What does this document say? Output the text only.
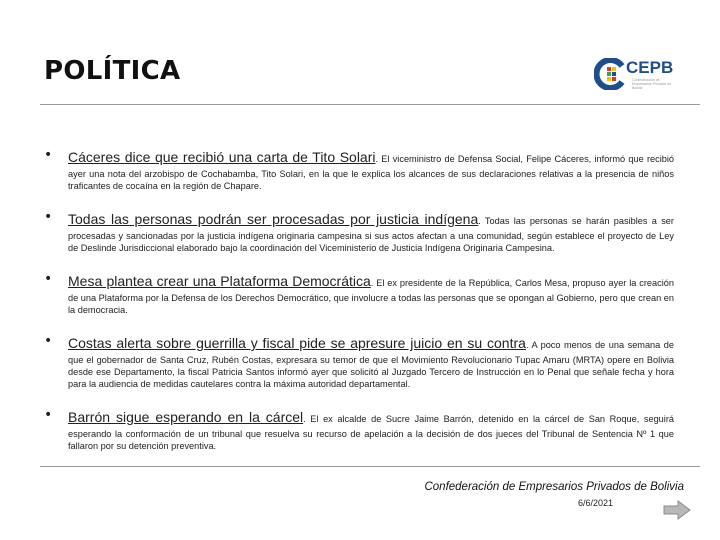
POLÍTICA	CEPB
Confederación de Empresarios Privados de Bolivia
• Cáceres dice que recibió una carta de Tito Solari. El viceministro de Defensa Social, Felipe Cáceres, informó que recibió ayer una nota del arzobispo de Cochabamba, Tito Solari, en la que le explica los alcances de sus declaraciones relativas a la presencia de niños traficantes de cocaína en la región de Chapare.

• Todas las personas podrán ser procesadas por justicia indígena. Todas las personas se harán pasibles a ser procesadas y sancionadas por la justicia indígena originaria campesina si sus actos afectan a una comunidad, según establece el proyecto de Ley de Deslinde Jurisdiccional elaborado bajo la coordinación del Viceministerio de Justicia Indígena Originaria Campesina.

• Mesa plantea crear una Plataforma Democrática. El ex presidente de la República, Carlos Mesa, propuso ayer la creación de una Plataforma por la Defensa de los Derechos Democrático, que involucre a todas las personas que se opongan al Gobierno, pero que crean en la democracia.

• Costas alerta sobre guerrilla y fiscal pide se apresure juicio en su contra. A poco menos de una semana de que el gobernador de Santa Cruz, Rubén Costas, expresara su temor de que el Movimiento Revolucionario Tupac Amaru (MRTA) opere en Bolivia desde ese Departamento, la fiscal Patricia Santos informó ayer que solicitó al Juzgado Tercero de Instrucción en lo Penal que señale fecha y hora para la audiencia de medidas cautelares contra la máxima autoridad departamental.

• Barrón sigue esperando en la cárcel. El ex alcalde de Sucre Jaime Barrón, detenido en la cárcel de San Roque, seguirá esperando la conformación de un tribunal que resuelva su recurso de apelación a la decisión de dos jueces del Tribunal de Sentencia Nº 1 que fallaron por su detención preventiva.

Confederación de Empresarios Privados de Bolivia
6/6/2021
